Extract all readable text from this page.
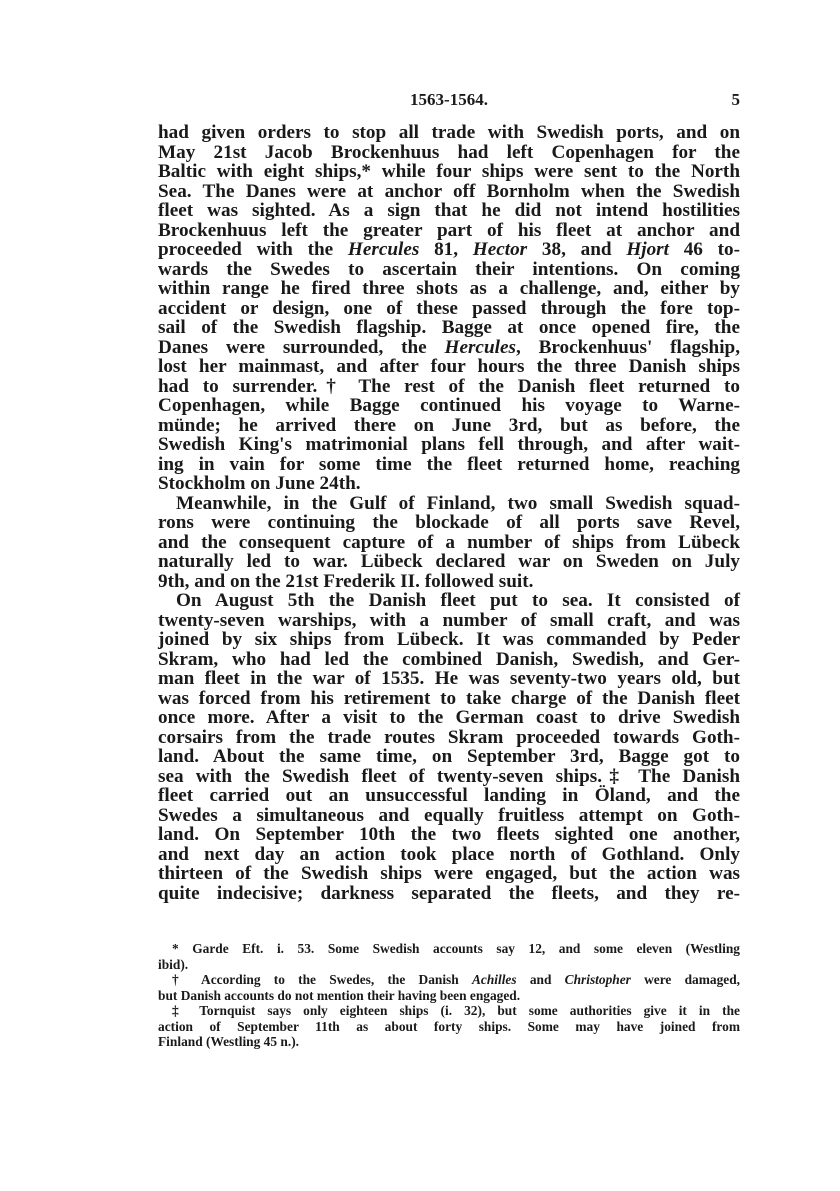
1563-1564.	5
had given orders to stop all trade with Swedish ports, and on
May 21st Jacob Brockenhuus had left Copenhagen for the
Baltic with eight ships,* while four ships were sent to the North
Sea. The Danes were at anchor off Bornholm when the Swedish
fleet was sighted. As a sign that he did not intend hostilities
Brockenhuus left the greater part of his fleet at anchor and
proceeded with the Hercules 81, Hector 38, and Hjort 46 to-
wards the Swedes to ascertain their intentions. On coming
within range he fired three shots as a challenge, and, either by
accident or design, one of these passed through the fore top-
sail of the Swedish flagship. Bagge at once opened fire, the
Danes were surrounded, the Hercules, Brockenhuus' flagship,
lost her mainmast, and after four hours the three Danish ships
had to surrender.† The rest of the Danish fleet returned to
Copenhagen, while Bagge continued his voyage to Warne-
münde; he arrived there on June 3rd, but as before, the
Swedish King's matrimonial plans fell through, and after wait-
ing in vain for some time the fleet returned home, reaching
Stockholm on June 24th.
Meanwhile, in the Gulf of Finland, two small Swedish squad-
rons were continuing the blockade of all ports save Revel,
and the consequent capture of a number of ships from Lübeck
naturally led to war. Lübeck declared war on Sweden on July
9th, and on the 21st Frederik II. followed suit.
On August 5th the Danish fleet put to sea. It consisted of
twenty-seven warships, with a number of small craft, and was
joined by six ships from Lübeck. It was commanded by Peder
Skram, who had led the combined Danish, Swedish, and Ger-
man fleet in the war of 1535. He was seventy-two years old, but
was forced from his retirement to take charge of the Danish fleet
once more. After a visit to the German coast to drive Swedish
corsairs from the trade routes Skram proceeded towards Goth-
land. About the same time, on September 3rd, Bagge got to
sea with the Swedish fleet of twenty-seven ships.‡ The Danish
fleet carried out an unsuccessful landing in Öland, and the
Swedes a simultaneous and equally fruitless attempt on Goth-
land. On September 10th the two fleets sighted one another,
and next day an action took place north of Gothland. Only
thirteen of the Swedish ships were engaged, but the action was
quite indecisive; darkness separated the fleets, and they re-
* Garde Eft. i. 53. Some Swedish accounts say 12, and some eleven (Westling
ibid).
† According to the Swedes, the Danish Achilles and Christopher were damaged,
but Danish accounts do not mention their having been engaged.
‡ Tornquist says only eighteen ships (i. 32), but some authorities give it in the
action of September 11th as about forty ships. Some may have joined from
Finland (Westling 45 n.).
